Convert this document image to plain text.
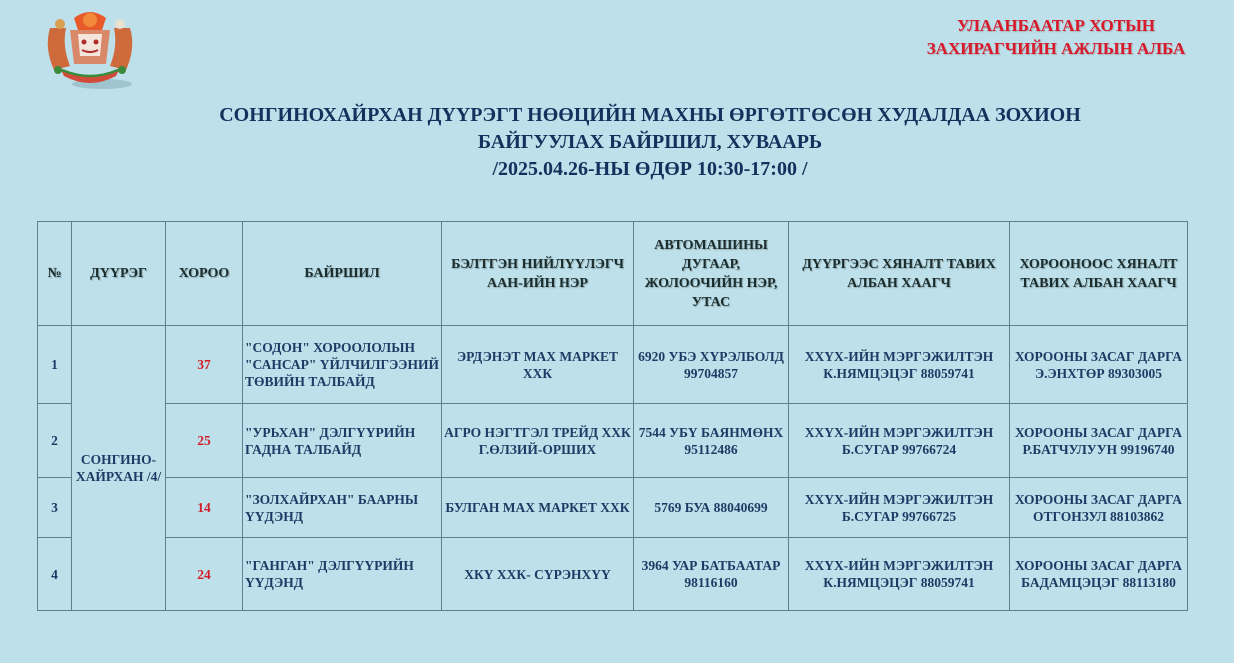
УЛААНБААТАР ХОТЫН
ЗАХИРАГЧИЙН АЖЛЫН АЛБА
СОНГИНОХАЙРХАН ДҮҮРЭГТ НӨӨЦИЙН МАХНЫ ӨРГӨТГӨСӨН ХУДАЛДАА ЗОХИОН
БАЙГУУЛАХ БАЙРШИЛ, ХУВААРЬ
/2025.04.26-НЫ ӨДӨР 10:30-17:00 /
№	ДҮҮРЭГ	ХОРОО	БАЙРШИЛ	БЭЛТГЭН НИЙЛҮҮЛЭГЧ ААН-ИЙН НЭР	АВТОМАШИНЫ ДУГААР, ЖОЛООЧИЙН НЭР, УТАС	ДҮҮРГЭЭС ХЯНАЛТ ТАВИХ АЛБАН ХААГЧ	ХОРООНООС ХЯНАЛТ ТАВИХ АЛБАН ХААГЧ
1	СОНГИНО-ХАЙРХАН /4/	37	"СОДОН" ХОРООЛОЛЫН "САНСАР" ҮЙЛЧИЛГЭЭНИЙ ТӨВИЙН ТАЛБАЙД	ЭРДЭНЭТ МАХ МАРКЕТ ХХК	6920 УБЭ ХҮРЭЛБОЛД 99704857	ХХҮХ-ИЙН МЭРГЭЖИЛТЭН К.НЯМЦЭЦЭГ 88059741	ХОРООНЫ ЗАСАГ ДАРГА Э.ЭНХТӨР 89303005
2		25	"УРЬХАН" ДЭЛГҮҮРИЙН ГАДНА ТАЛБАЙД	АГРО НЭГТГЭЛ ТРЕЙД ХХК Г.ӨЛЗИЙ-ОРШИХ	7544 УБҮ БАЯНМӨНХ 95112486	ХХҮХ-ИЙН МЭРГЭЖИЛТЭН Б.СУГАР 99766724	ХОРООНЫ ЗАСАГ ДАРГА Р.БАТЧУЛУУН 99196740
3		14	"ЗОЛХАЙРХАН" БААРНЫ ҮҮДЭНД	БУЛГАН МАХ МАРКЕТ ХХК	5769 БУА 88040699	ХХҮХ-ИЙН МЭРГЭЖИЛТЭН Б.СУГАР 99766725	ХОРООНЫ ЗАСАГ ДАРГА ОТГОНЗУЛ 88103862
4		24	"ГАНГАН" ДЭЛГҮҮРИЙН ҮҮДЭНД	ХКҮ ХХК- СҮРЭНХҮҮ	3964 УАР БАТБААТАР 98116160	ХХҮХ-ИЙН МЭРГЭЖИЛТЭН К.НЯМЦЭЦЭГ 88059741	ХОРООНЫ ЗАСАГ ДАРГА БАДАМЦЭЦЭГ 88113180
